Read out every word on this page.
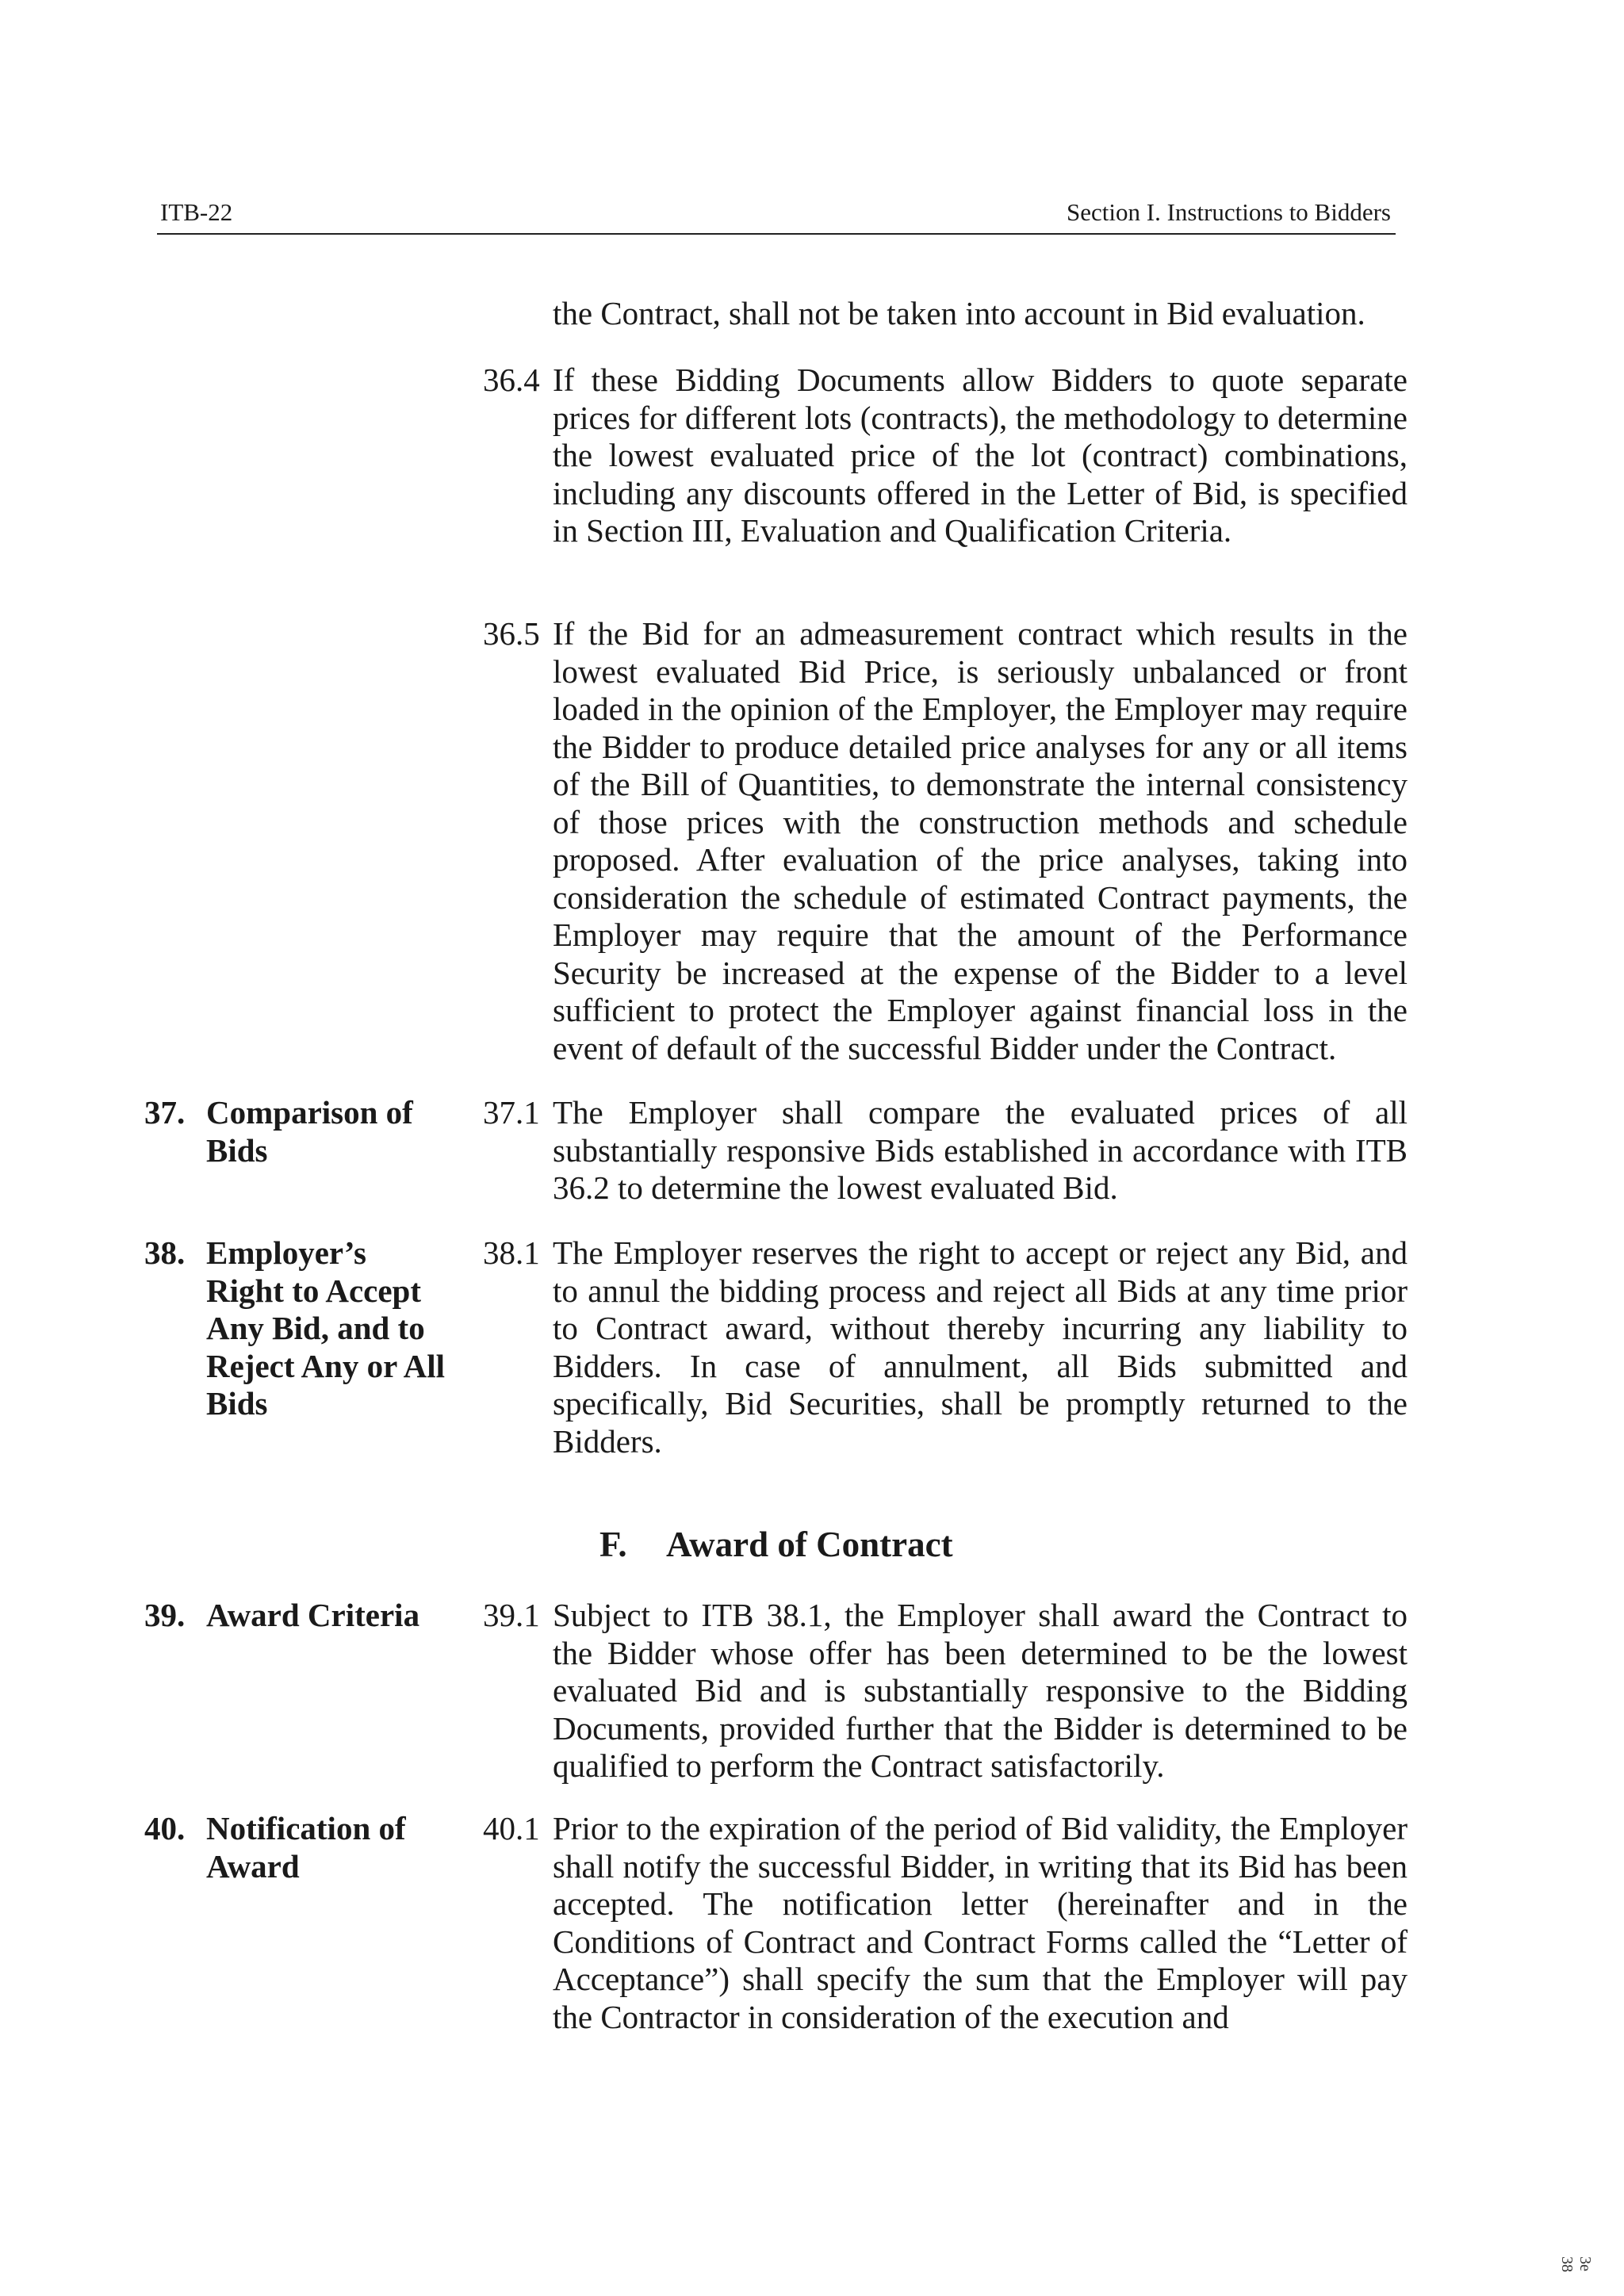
ITB-22	Section I. Instructions to Bidders
the Contract, shall not be taken into account in Bid evaluation.
36.4 If these Bidding Documents allow Bidders to quote separate prices for different lots (contracts), the methodology to determine the lowest evaluated price of the lot (contract) combinations, including any discounts offered in the Letter of Bid, is specified in Section III, Evaluation and Qualification Criteria.
36.5 If the Bid for an admeasurement contract which results in the lowest evaluated Bid Price, is seriously unbalanced or front loaded in the opinion of the Employer, the Employer may require the Bidder to produce detailed price analyses for any or all items of the Bill of Quantities, to demonstrate the internal consistency of those prices with the construction methods and schedule proposed. After evaluation of the price analyses, taking into consideration the schedule of estimated Contract payments, the Employer may require that the amount of the Performance Security be increased at the expense of the Bidder to a level sufficient to protect the Employer against financial loss in the event of default of the successful Bidder under the Contract.
37. Comparison of Bids
37.1 The Employer shall compare the evaluated prices of all substantially responsive Bids established in accordance with ITB 36.2 to determine the lowest evaluated Bid.
38. Employer’s Right to Accept Any Bid, and to Reject Any or All Bids
38.1 The Employer reserves the right to accept or reject any Bid, and to annul the bidding process and reject all Bids at any time prior to Contract award, without thereby incurring any liability to Bidders. In case of annulment, all Bids submitted and specifically, Bid Securities, shall be promptly returned to the Bidders.
F. Award of Contract
39. Award Criteria	39.1 Subject to ITB 38.1, the Employer shall award the Contract to the Bidder whose offer has been determined to be the lowest evaluated Bid and is substantially responsive to the Bidding Documents, provided further that the Bidder is determined to be qualified to perform the Contract satisfactorily.
40. Notification of Award
40.1 Prior to the expiration of the period of Bid validity, the Employer shall notify the successful Bidder, in writing that its Bid has been accepted. The notification letter (hereinafter and in the Conditions of Contract and Contract Forms called the “Letter of Acceptance”) shall specify the sum that the Employer will pay the Contractor in consideration of the execution and
3e 38
